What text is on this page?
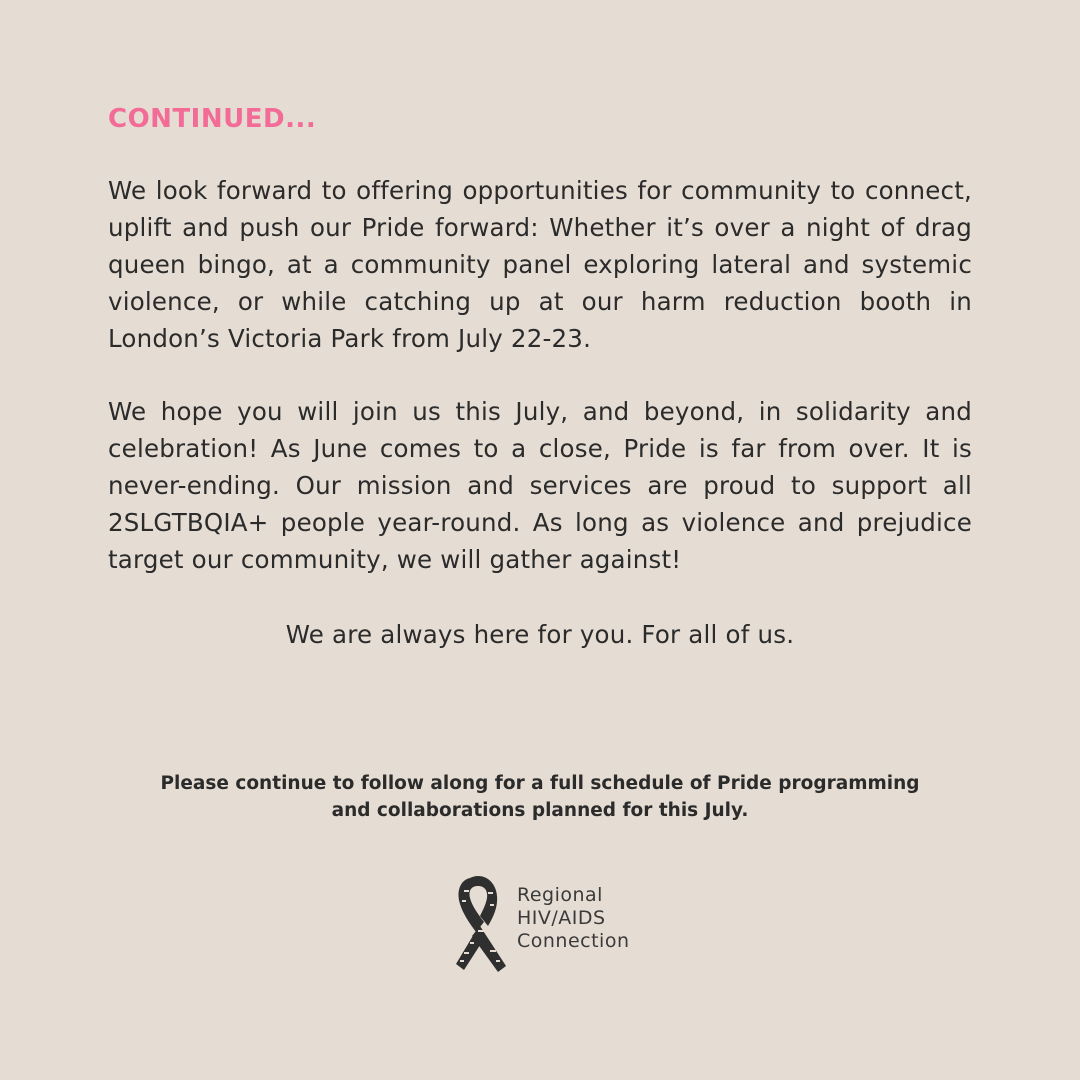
CONTINUED...
We look forward to offering opportunities for community to connect, uplift and push our Pride forward: Whether it’s over a night of drag queen bingo, at a community panel exploring lateral and systemic violence, or while catching up at our harm reduction booth in London’s Victoria Park from July 22-23.
We hope you will join us this July, and beyond, in solidarity and celebration! As June comes to a close, Pride is far from over. It is never-ending. Our mission and services are proud to support all 2SLGTBQIA+ people year-round. As long as violence and prejudice target our community, we will gather against!
We are always here for you. For all of us.
Please continue to follow along for a full schedule of Pride programming
and collaborations planned for this July.
Regional
HIV/AIDS
Connection
